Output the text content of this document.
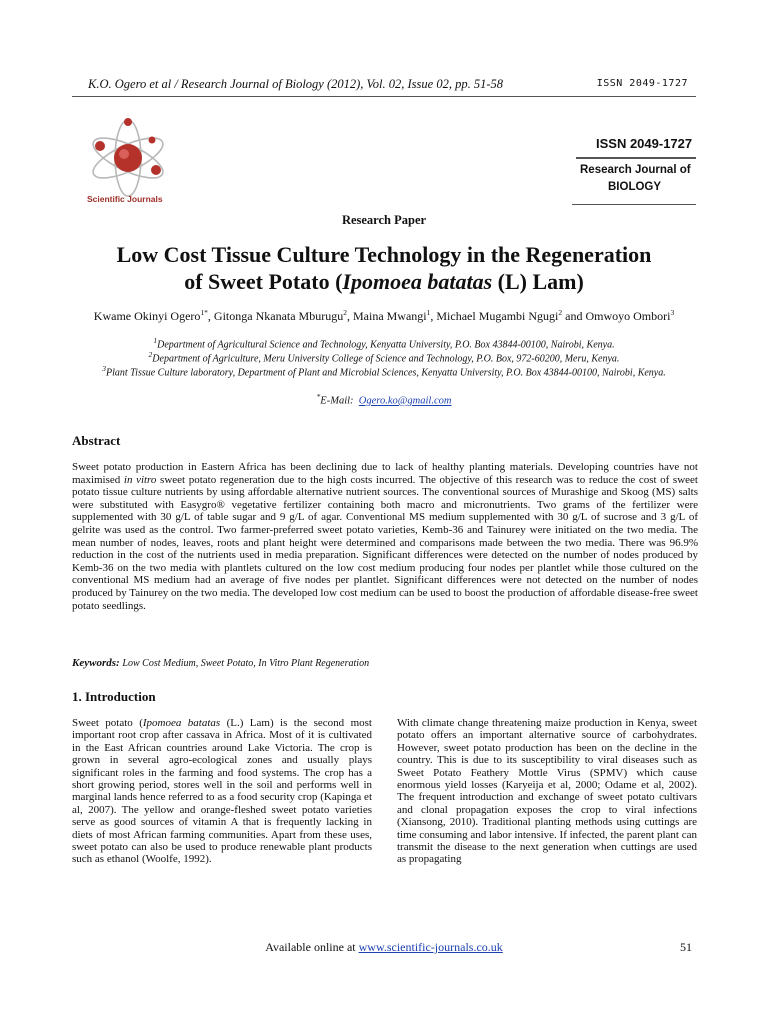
K.O. Ogero et al / Research Journal of Biology (2012), Vol. 02, Issue 02, pp. 51-58	ISSN 2049-1727
Scientific Journals
ISSN 2049-1727
Research Journal of
BIOLOGY
Research Paper
Low Cost Tissue Culture Technology in the Regeneration
of Sweet Potato (Ipomoea batatas (L) Lam)
Kwame Okinyi Ogero$^{1*}$, Gitonga Nkanata Mburugu$^2$, Maina Mwangi$^1$, Michael Mugambi Ngugi$^2$ and Omwoyo Ombori$^3$
$^1$Department of Agricultural Science and Technology, Kenyatta University, P.O. Box 43844-00100, Nairobi, Kenya.
$^2$Department of Agriculture, Meru University College of Science and Technology, P.O. Box, 972-60200, Meru, Kenya.
$^3$Plant Tissue Culture laboratory, Department of Plant and Microbial Sciences, Kenyatta University, P.O. Box 43844-00100, Nairobi, Kenya.
*E-Mail: Ogero.ko@gmail.com
Abstract
Sweet potato production in Eastern Africa has been declining due to lack of healthy planting materials. Developing countries have not maximised in vitro sweet potato regeneration due to the high costs incurred. The objective of this research was to reduce the cost of sweet potato tissue culture nutrients by using affordable alternative nutrient sources. The conventional sources of Murashige and Skoog (MS) salts were substituted with Easygro® vegetative fertilizer containing both macro and micronutrients. Two grams of the fertilizer were supplemented with 30 g/L of table sugar and 9 g/L of agar. Conventional MS medium supplemented with 30 g/L of sucrose and 3 g/L of gelrite was used as the control. Two farmer-preferred sweet potato varieties, Kemb-36 and Tainurey were initiated on the two media. The mean number of nodes, leaves, roots and plant height were determined and comparisons made between the two media. There was 96.9% reduction in the cost of the nutrients used in media preparation. Significant differences were detected on the number of nodes produced by Kemb-36 on the two media with plantlets cultured on the low cost medium producing four nodes per plantlet while those cultured on the conventional MS medium had an average of five nodes per plantlet. Significant differences were not detected on the number of nodes produced by Tainurey on the two media. The developed low cost medium can be used to boost the production of affordable disease-free sweet potato seedlings.
Keywords: Low Cost Medium, Sweet Potato, In Vitro Plant Regeneration
1. Introduction
Sweet potato (Ipomoea batatas (L.) Lam) is the second most important root crop after cassava in Africa. Most of it is cultivated in the East African countries around Lake Victoria. The crop is grown in several agro-ecological zones and usually plays significant roles in the farming and food systems. The crop has a short growing period, stores well in the soil and performs well in marginal lands hence referred to as a food security crop (Kapinga et al, 2007). The yellow and orange-fleshed sweet potato varieties serve as good sources of vitamin A that is frequently lacking in diets of most African farming communities. Apart from these uses, sweet potato can also be used to produce renewable plant products such as ethanol (Woolfe, 1992).
With climate change threatening maize production in Kenya, sweet potato offers an important alternative source of carbohydrates. However, sweet potato production has been on the decline in the country. This is due to its susceptibility to viral diseases such as Sweet Potato Feathery Mottle Virus (SPMV) which cause enormous yield losses (Karyeija et al, 2000; Odame et al, 2002). The frequent introduction and exchange of sweet potato cultivars and clonal propagation exposes the crop to viral infections (Xiansong, 2010). Traditional planting methods using cuttings are time consuming and labor intensive. If infected, the parent plant can transmit the disease to the next generation when cuttings are used as propagating
Available online at www.scientific-journals.co.uk	51
